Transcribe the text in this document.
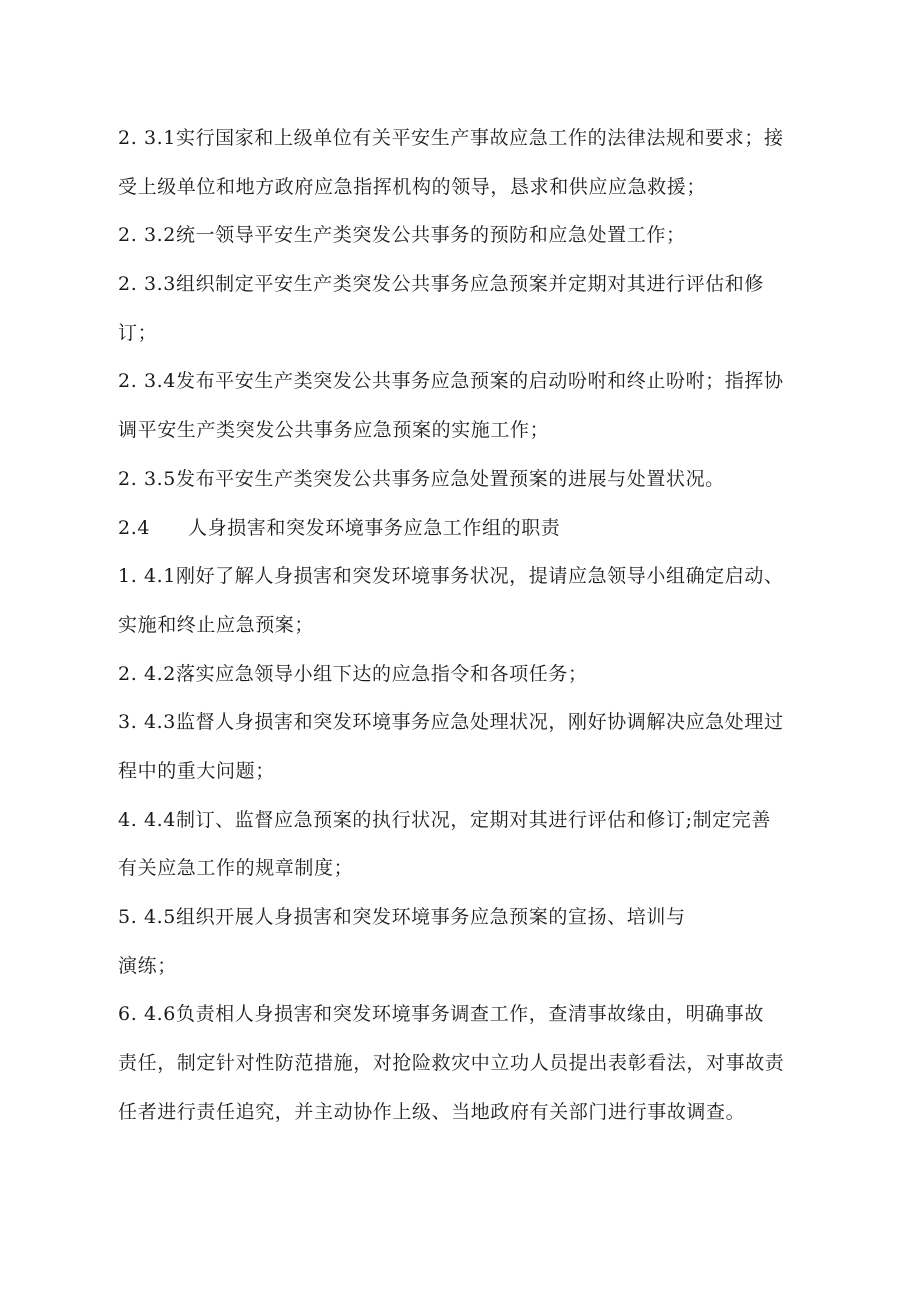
2. 3.1实行国家和上级单位有关平安生产事故应急工作的法律法规和要求；接
受上级单位和地方政府应急指挥机构的领导，恳求和供应应急救援；
2. 3.2统一领导平安生产类突发公共事务的预防和应急处置工作；
2. 3.3组织制定平安生产类突发公共事务应急预案并定期对其进行评估和修
订；
2. 3.4发布平安生产类突发公共事务应急预案的启动吩咐和终止吩咐；指挥协
调平安生产类突发公共事务应急预案的实施工作；
2. 3.5发布平安生产类突发公共事务应急处置预案的进展与处置状况。
2.4 人身损害和突发环境事务应急工作组的职责
1. 4.1刚好了解人身损害和突发环境事务状况，提请应急领导小组确定启动、
实施和终止应急预案；
2. 4.2落实应急领导小组下达的应急指令和各项任务；
3. 4.3监督人身损害和突发环境事务应急处理状况，刚好协调解决应急处理过
程中的重大问题；
4. 4.4制订、监督应急预案的执行状况，定期对其进行评估和修订;制定完善
有关应急工作的规章制度；
5. 4.5组织开展人身损害和突发环境事务应急预案的宣扬、培训与
演练；
6. 4.6负责相人身损害和突发环境事务调查工作，查清事故缘由，明确事故
责任，制定针对性防范措施，对抢险救灾中立功人员提出表彰看法，对事故责
任者进行责任追究，并主动协作上级、当地政府有关部门进行事故调查。
